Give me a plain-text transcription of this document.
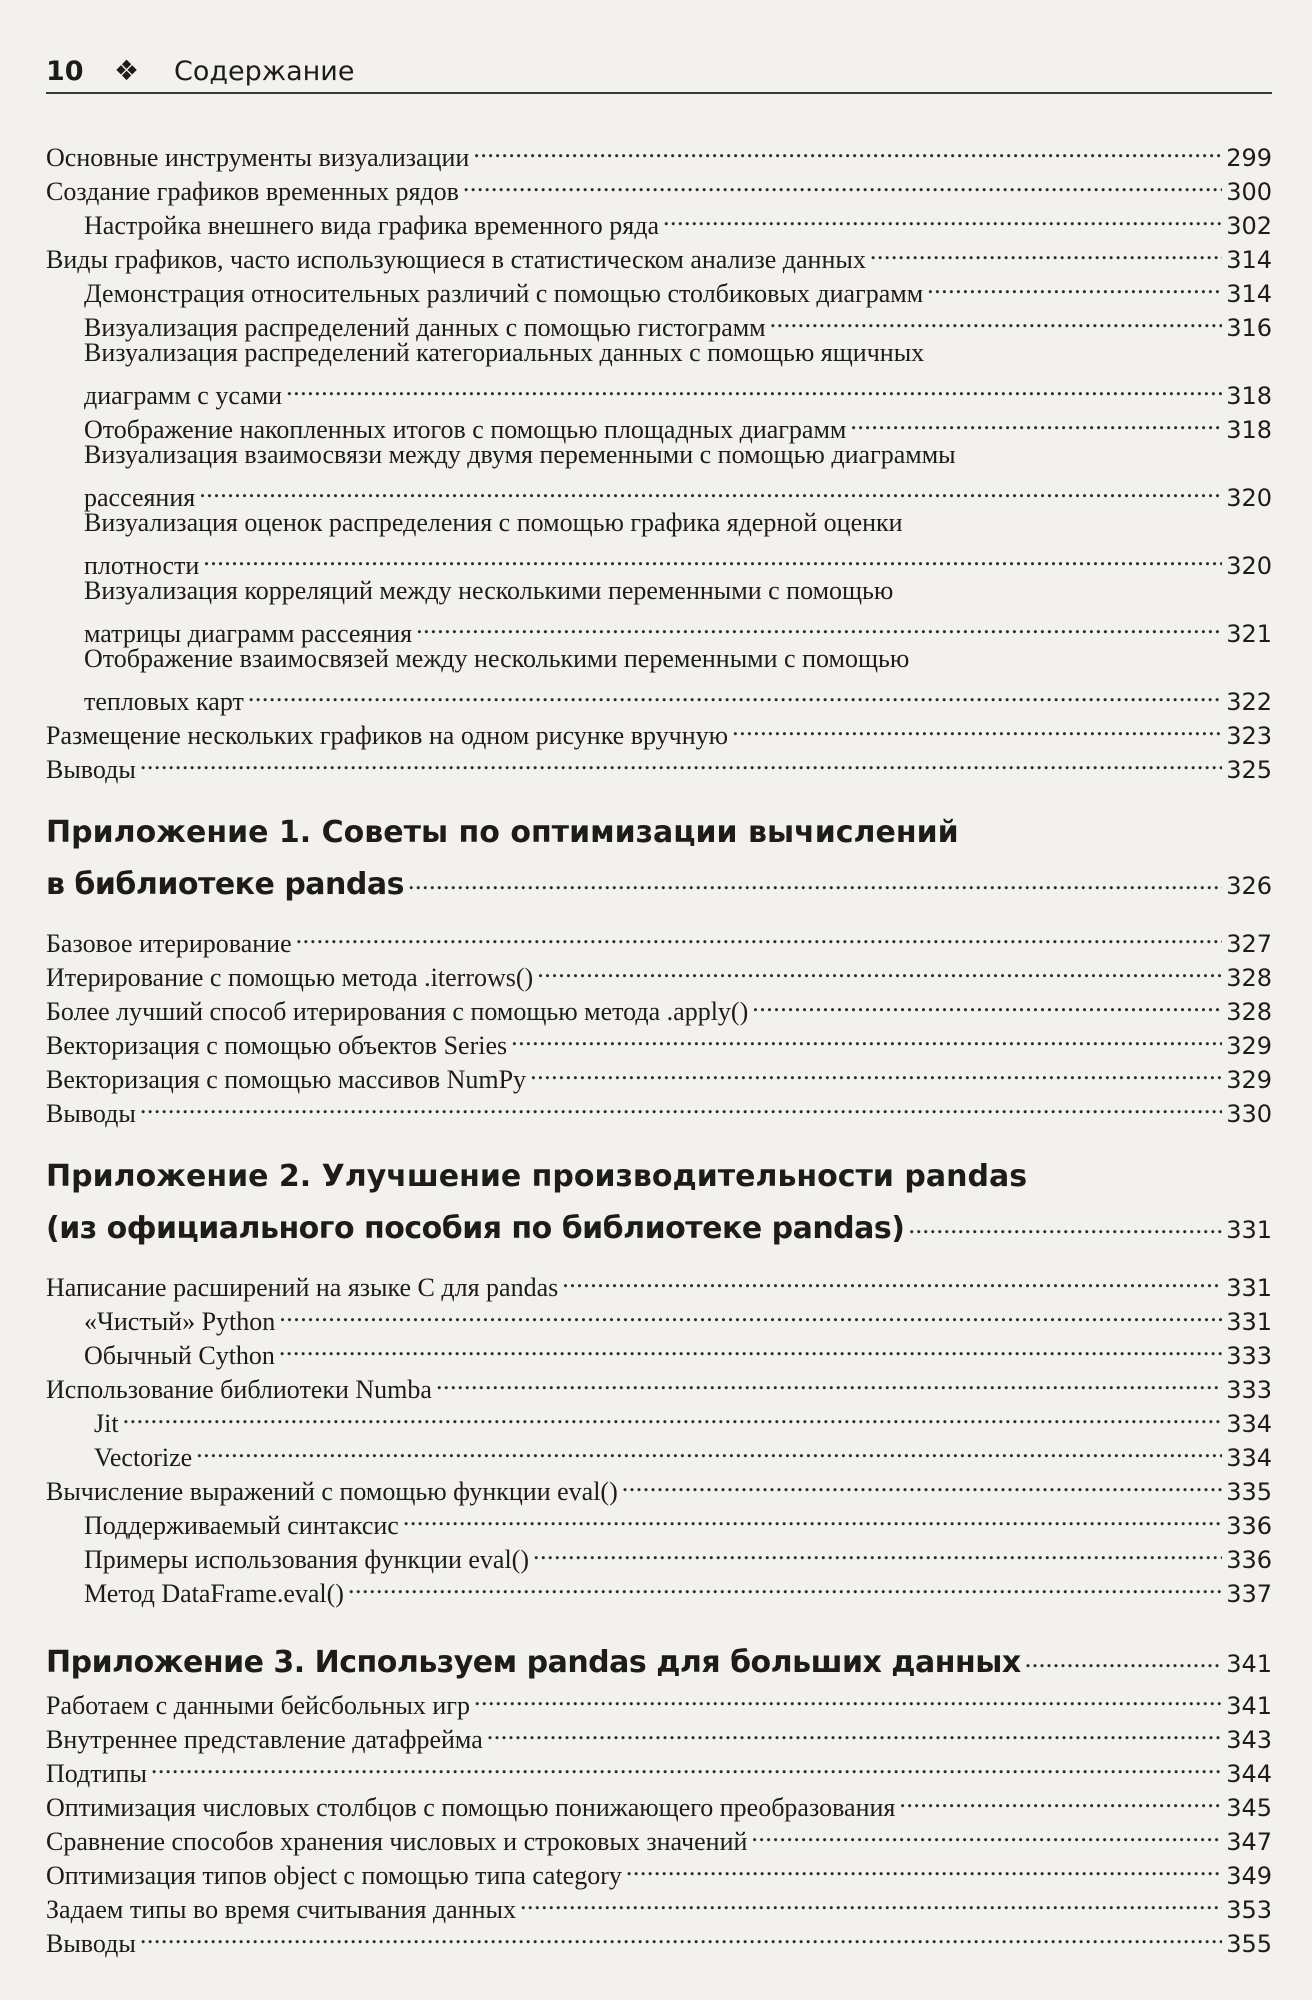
10 ❖ Содержание
Основные инструменты визуализации . . .	299
Создание графиков временных рядов . . .	300
Настройка внешнего вида графика временного ряда . . .	302
Виды графиков, часто использующиеся в статистическом анализе данных . . .	314
Демонстрация относительных различий с помощью столбиковых диаграмм . . .	314
Визуализация распределений данных с помощью гистограмм . . .	316
Визуализация распределений категориальных данных с помощью ящичных
диаграмм с усами . . .	318
Отображение накопленных итогов с помощью площадных диаграмм . . .	318
Визуализация взаимосвязи между двумя переменными с помощью диаграммы
рассеяния . . .	320
Визуализация оценок распределения с помощью графика ядерной оценки
плотности . . .	320
Визуализация корреляций между несколькими переменными с помощью
матрицы диаграмм рассеяния . . .	321
Отображение взаимосвязей между несколькими переменными с помощью
тепловых карт . . .	322
Размещение нескольких графиков на одном рисунке вручную . . .	323
Выводы . . .	325
Приложение 1. Советы по оптимизации вычислений
в библиотеке pandas . . .	326
Базовое итерирование . . .	327
Итерирование с помощью метода .iterrows() . . .	328
Более лучший способ итерирования с помощью метода .apply() . . .	328
Векторизация с помощью объектов Series . . .	329
Векторизация с помощью массивов NumPy . . .	329
Выводы . . .	330
Приложение 2. Улучшение производительности pandas
(из официального пособия по библиотеке pandas) . . .	331
Написание расширений на языке C для pandas . . .	331
«Чистый» Python . . .	331
Обычный Cython . . .	333
Использование библиотеки Numba . . .	333
Jit . . .	334
Vectorize . . .	334
Вычисление выражений с помощью функции eval() . . .	335
Поддерживаемый синтаксис . . .	336
Примеры использования функции eval() . . .	336
Метод DataFrame.eval() . . .	337
Приложение 3. Используем pandas для больших данных . . .	341
Работаем с данными бейсбольных игр . . .	341
Внутреннее представление датафрейма . . .	343
Подтипы . . .	344
Оптимизация числовых столбцов с помощью понижающего преобразования . . .	345
Сравнение способов хранения числовых и строковых значений . . .	347
Оптимизация типов object с помощью типа category . . .	349
Задаем типы во время считывания данных . . .	353
Выводы . . .	355
